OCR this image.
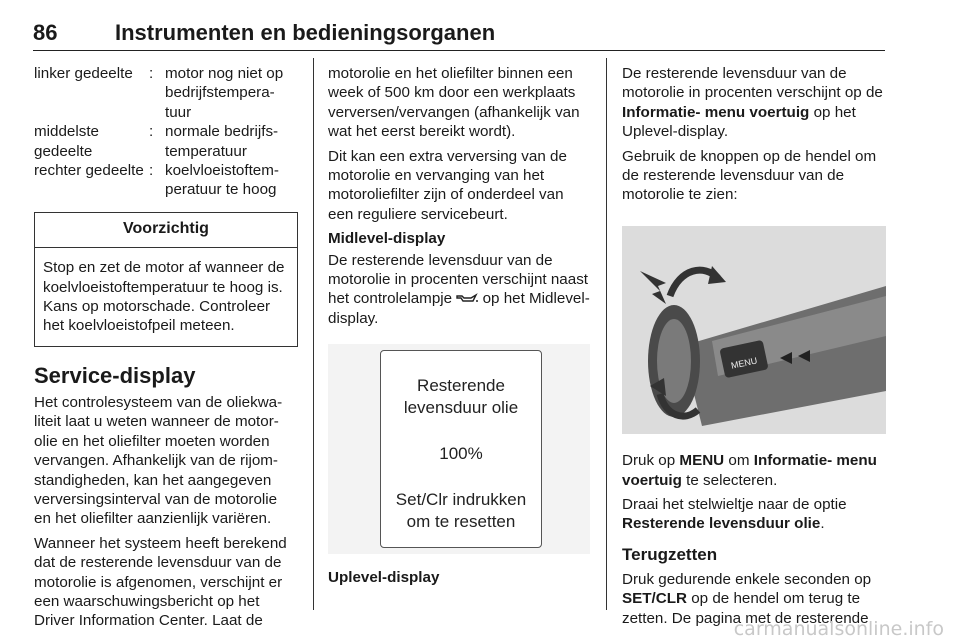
86	Instrumenten en bedieningsorganen
linker gedeelte	:	motor nog niet op bedrijfstempera- tuur
middelste gedeelte	:	normale bedrijfs- temperatuur
rechter gedeelte	:	koelvloeistoftem- peratuur te hoog
Voorzichtig
Stop en zet de motor af wanneer de koelvloeistoftemperatuur te hoog is. Kans op motorschade. Controleer het koelvloeistofpeil meteen.
Service-display

Het controlesysteem van de oliekwa- liteit laat u weten wanneer de motor- olie en het oliefilter moeten worden vervangen. Afhankelijk van de rijom- standigheden, kan het aangegeven verversingsinterval van de motorolie en het oliefilter aanzienlijk variëren.

Wanneer het systeem heeft berekend dat de resterende levensduur van de motorolie is afgenomen, verschijnt er een waarschuwingsbericht op het Driver Information Center. Laat de

motorolie en het oliefilter binnen een week of 500 km door een werkplaats verversen/vervangen (afhankelijk van wat het eerst bereikt wordt).

Dit kan een extra verversing van de motorolie en vervanging van het motoroliefilter zijn of onderdeel van een reguliere servicebeurt.

Midlevel-display

De resterende levensduur van de motorolie in procenten verschijnt naast het controlelampje op het Midlevel-display.

Resterende
levensduur olie
100%
Set/Clr indrukken
om te resetten

Uplevel-display

De resterende levensduur van de motorolie in procenten verschijnt op de Informatie- menu voertuig op het Uplevel-display.

Gebruik de knoppen op de hendel om de resterende levensduur van de motorolie te zien:

MENU

Druk op MENU om Informatie- menu voertuig te selecteren.

Draai het stelwieltje naar de optie Resterende levensduur olie.

Terugzetten

Druk gedurende enkele seconden op SET/CLR op de hendel om terug te zetten. De pagina met de resterende

carmanualsonline.info
